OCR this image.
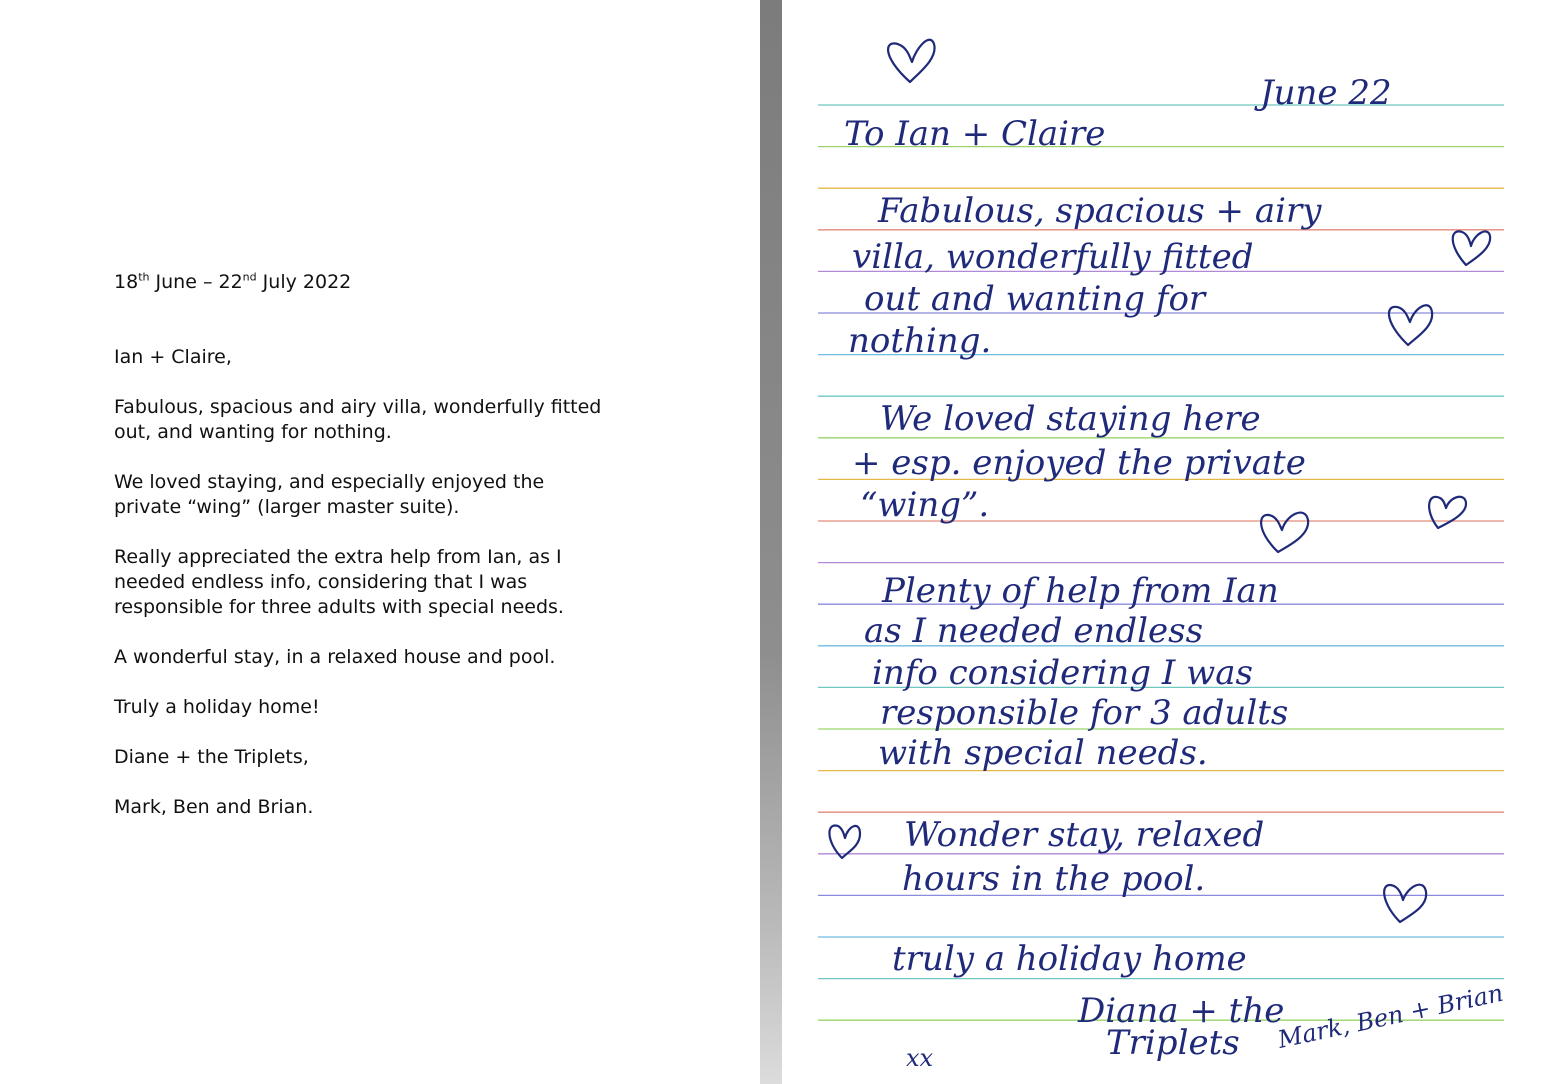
18th June – 22nd July 2022

Ian + Claire,

Fabulous, spacious and airy villa, wonderfully fitted

out, and wanting for nothing.

We loved staying, and especially enjoyed the

private “wing” (larger master suite).

Really appreciated the extra help from Ian, as I

needed endless info, considering that I was

responsible for three adults with special needs.

A wonderful stay, in a relaxed house and pool.

Truly a holiday home!

Diane + the Triplets,

Mark, Ben and Brian.

June 22
To Ian + Claire
Fabulous, spacious + airy
villa, wonderfully fitted
out and wanting for
nothing.
We loved staying here
+ esp. enjoyed the private
“wing”.
Plenty of help from Ian
as I needed endless
info considering I was
responsible for 3 adults
with special needs.
Wonder stay, relaxed
hours in the pool.
truly a holiday home
Diana + the
Triplets Mark, Ben + Brian
xx
